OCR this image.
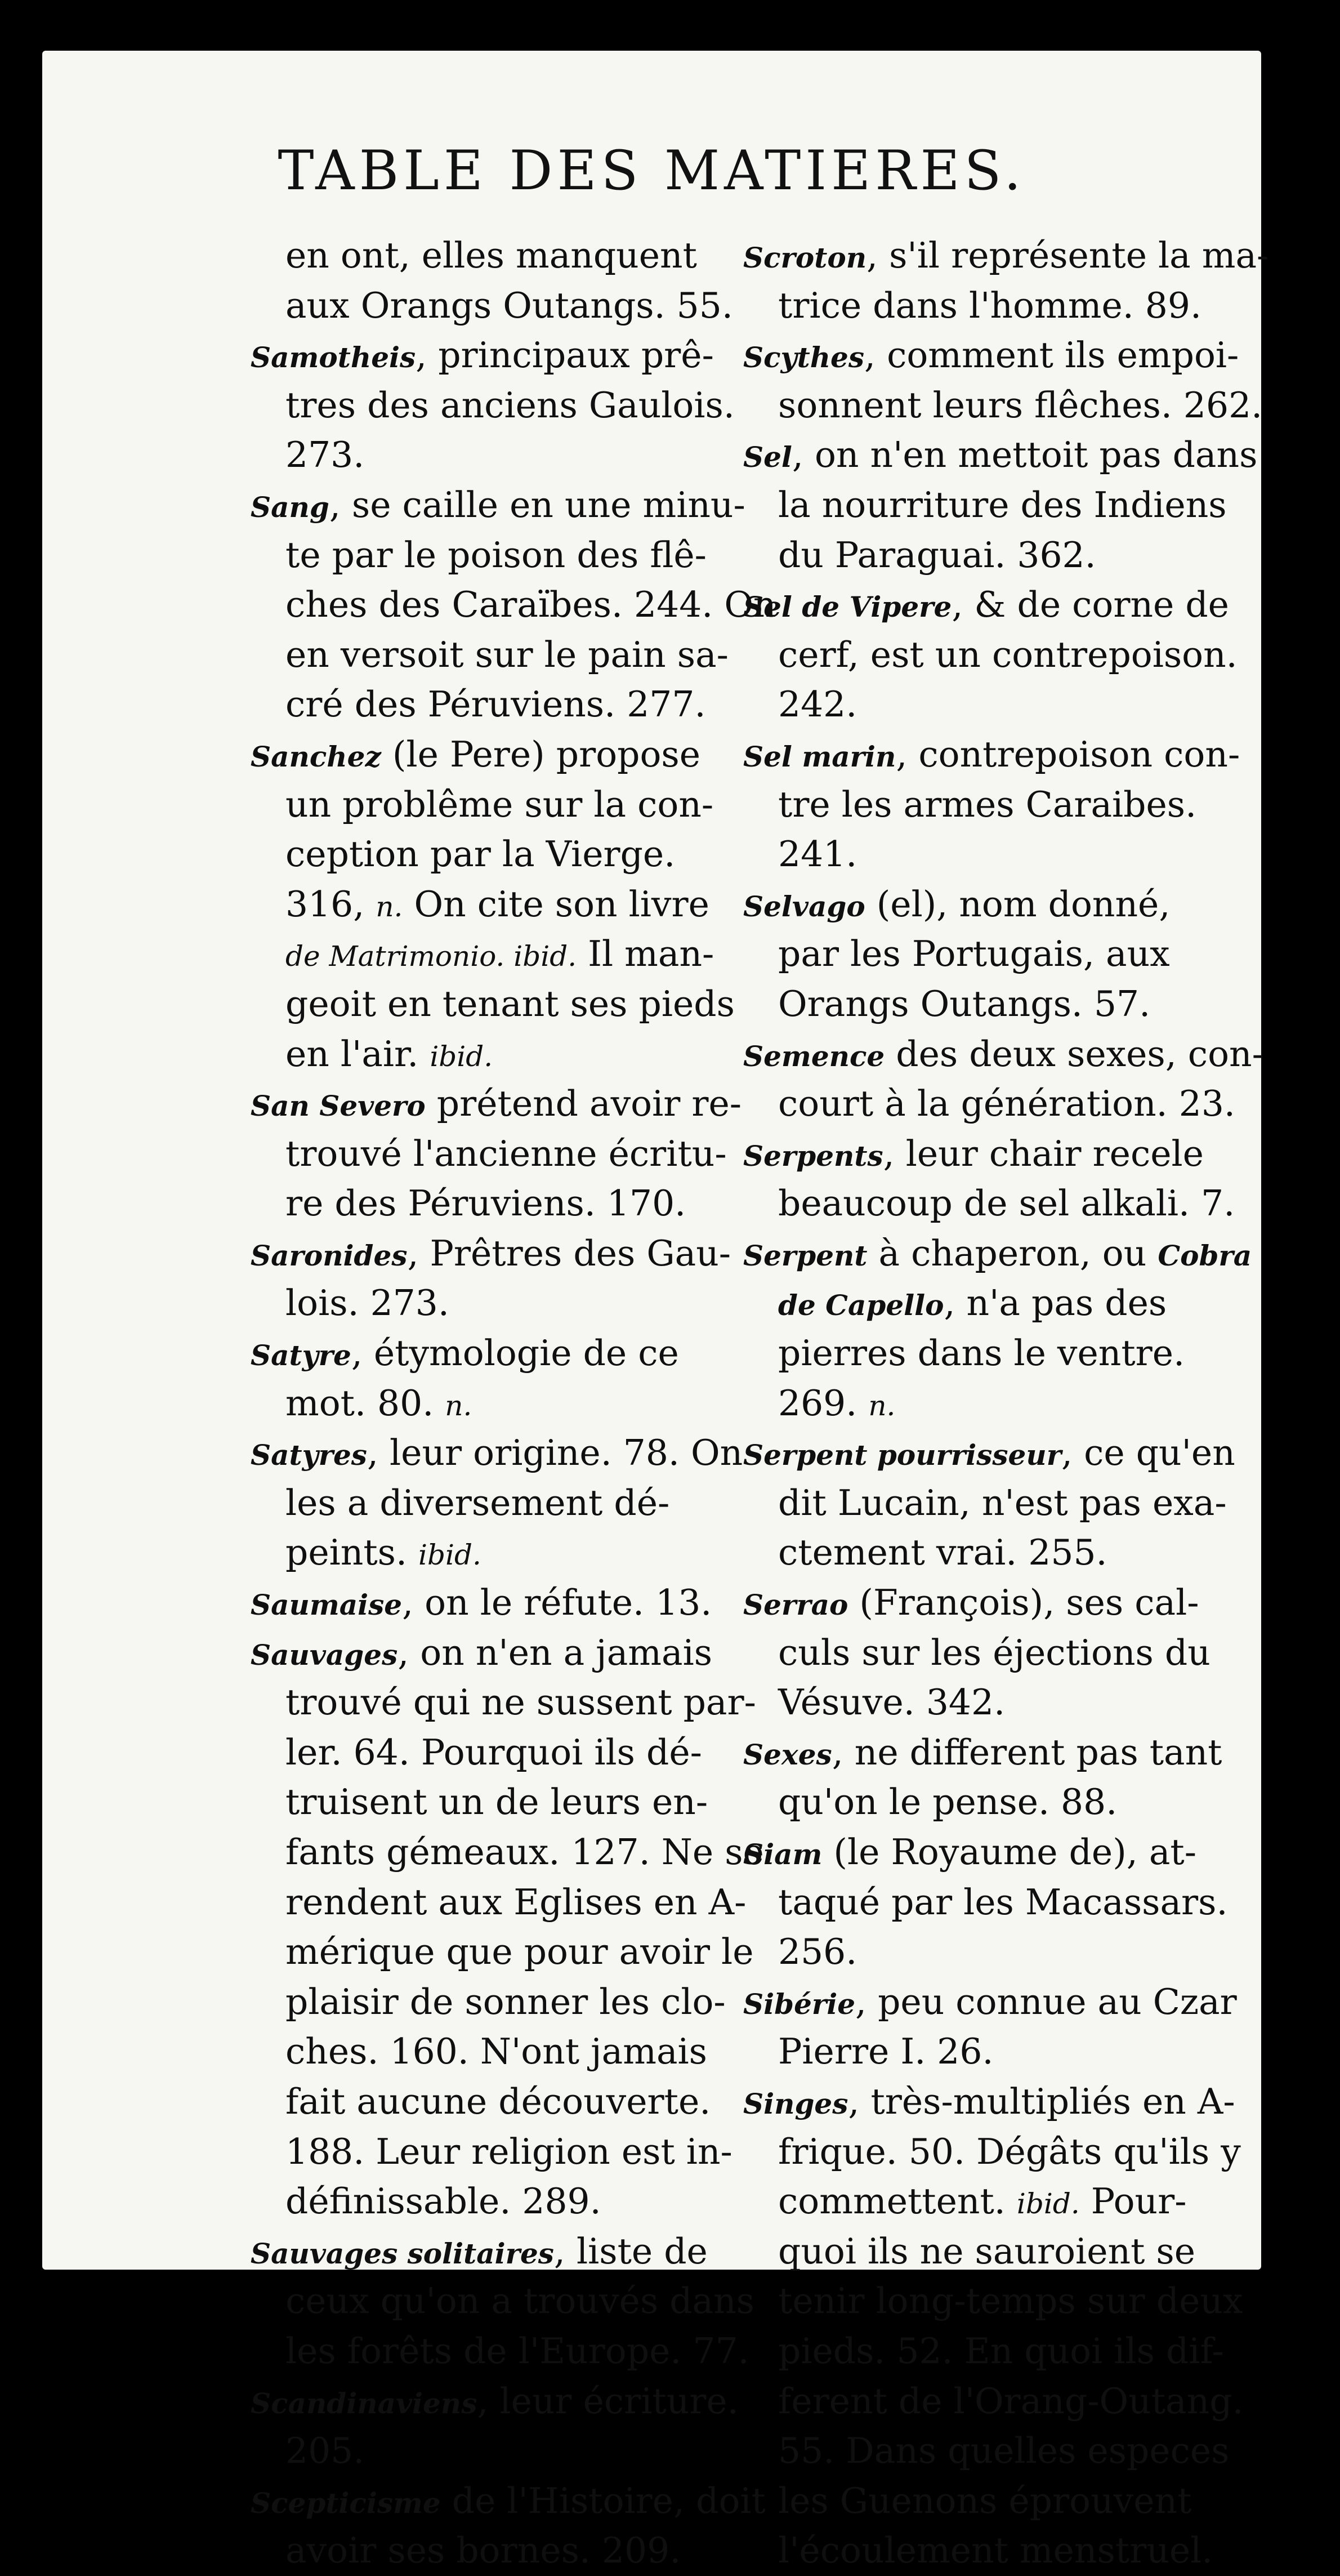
TABLE DES MATIERES.
en ont, elles manquent
aux Orangs Outangs. 55.
Samotheis, principaux prê-
tres des anciens Gaulois.
273.
Sang, se caille en une minu-
te par le poison des flê-
ches des Caraïbes. 244. On
en versoit sur le pain sa-
cré des Péruviens. 277.
Sanchez (le Pere) propose
un problême sur la con-
ception par la Vierge.
316, n. On cite son livre
de Matrimonio. ibid. Il man-
geoit en tenant ses pieds
en l'air. ibid.
San Severo prétend avoir re-
trouvé l'ancienne écritu-
re des Péruviens. 170.
Saronides, Prêtres des Gau-
lois. 273.
Satyre, étymologie de ce
mot. 80. n.
Satyres, leur origine. 78. On
les a diversement dé-
peints. ibid.
Saumaise, on le réfute. 13.
Sauvages, on n'en a jamais
trouvé qui ne sussent par-
ler. 64. Pourquoi ils dé-
truisent un de leurs en-
fants gémeaux. 127. Ne se
rendent aux Eglises en A-
mérique que pour avoir le
plaisir de sonner les clo-
ches. 160. N'ont jamais
fait aucune découverte.
188. Leur religion est in-
définissable. 289.
Sauvages solitaires, liste de
ceux qu'on a trouvés dans
les forêts de l'Europe. 77.
Scandinaviens, leur écriture.
205.
Scepticisme de l'Histoire, doit
avoir ses bornes. 209.
Scroton, s'il représente la ma-
trice dans l'homme. 89.
Scythes, comment ils empoi-
sonnent leurs flêches. 262.
Sel, on n'en mettoit pas dans
la nourriture des Indiens
du Paraguai. 362.
Sel de Vipere, & de corne de
cerf, est un contrepoison.
242.
Sel marin, contrepoison con-
tre les armes Caraibes.
241.
Selvago (el), nom donné,
par les Portugais, aux
Orangs Outangs. 57.
Semence des deux sexes, con-
court à la génération. 23.
Serpents, leur chair recele
beaucoup de sel alkali. 7.
Serpent à chaperon, ou Cobra
de Capello, n'a pas des
pierres dans le ventre.
269. n.
Serpent pourrisseur, ce qu'en
dit Lucain, n'est pas exa-
ctement vrai. 255.
Serrao (François), ses cal-
culs sur les éjections du
Vésuve. 342.
Sexes, ne different pas tant
qu'on le pense. 88.
Siam (le Royaume de), at-
taqué par les Macassars.
256.
Sibérie, peu connue au Czar
Pierre I. 26.
Singes, très-multipliés en A-
frique. 50. Dégâts qu'ils y
commettent. ibid. Pour-
quoi ils ne sauroient se
tenir long-temps sur deux
pieds. 52. En quoi ils dif-
ferent de l'Orang-Outang.
55. Dans quelles especes
les Guenons éprouvent
l'écoulement menstruel.
